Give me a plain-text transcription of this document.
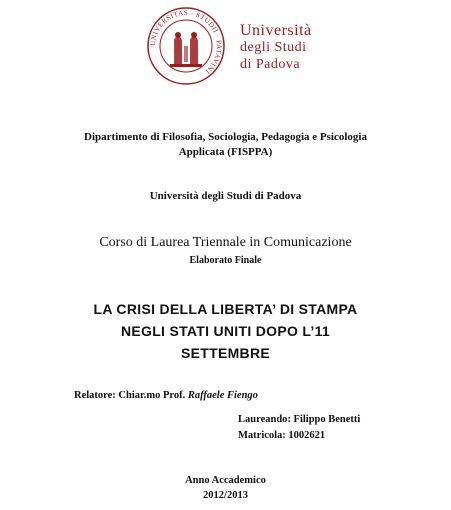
UNIVERSITAS · STUDII · PATAVINI
Università
degli Studi
di Padova
Dipartimento di Filosofia, Sociologia, Pedagogia e Psicologia
Applicata (FISPPA)
Università degli Studi di Padova
Corso di Laurea Triennale in Comunicazione
Elaborato Finale
LA CRISI DELLA LIBERTA’ DI STAMPA
NEGLI STATI UNITI DOPO L’11
SETTEMBRE
Relatore: Chiar.mo Prof. Raffaele Fiengo
Laureando: Filippo Benetti
Matricola: 1002621
Anno Accademico
2012/2013
